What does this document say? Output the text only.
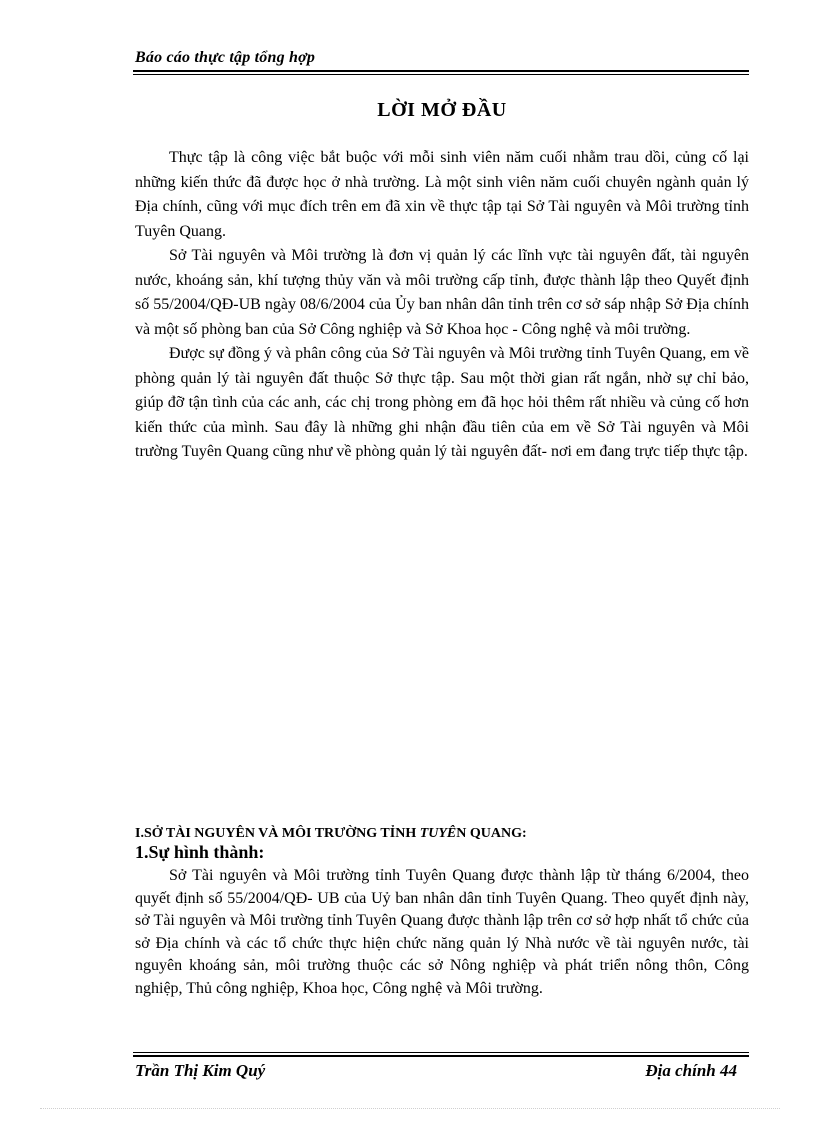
Báo cáo thực tập tổng hợp
LỜI MỞ ĐẦU

Thực tập là công việc bắt buộc với mỗi sinh viên năm cuối nhằm trau dồi, củng cố lại những kiến thức đã được học ở nhà trường. Là một sinh viên năm cuối chuyên ngành quản lý Địa chính, cũng với mục đích trên em đã xin về thực tập tại Sở Tài nguyên và Môi trường tỉnh Tuyên Quang.

Sở Tài nguyên và Môi trường là đơn vị quản lý các lĩnh vực tài nguyên đất, tài nguyên nước, khoáng sản, khí tượng thủy văn và môi trường cấp tỉnh, được thành lập theo Quyết định số 55/2004/QĐ-UB ngày 08/6/2004 của Ủy ban nhân dân tỉnh trên cơ sở sáp nhập Sở Địa chính và một số phòng ban của Sở Công nghiệp và Sở Khoa học - Công nghệ và môi trường.

Được sự đồng ý và phân công của Sở Tài nguyên và Môi trường tỉnh Tuyên Quang, em về phòng quản lý tài nguyên đất thuộc Sở thực tập. Sau một thời gian rất ngắn, nhờ sự chỉ bảo, giúp đỡ tận tình của các anh, các chị trong phòng em đã học hỏi thêm rất nhiều và củng cố hơn kiến thức của mình. Sau đây là những ghi nhận đầu tiên của em về Sở Tài nguyên và Môi trường Tuyên Quang cũng như về phòng quản lý tài nguyên đất- nơi em đang trực tiếp thực tập.

I.SỞ TÀI NGUYÊN VÀ MÔI TRƯỜNG TỈNH TUYÊN QUANG:
1.Sự hình thành:

Sở Tài nguyên và Môi trường tỉnh Tuyên Quang được thành lập từ tháng 6/2004, theo quyết định số 55/2004/QĐ- UB của Uỷ ban nhân dân tỉnh Tuyên Quang. Theo quyết định này, sở Tài nguyên và Môi trường tỉnh Tuyên Quang được thành lập trên cơ sở hợp nhất tổ chức của sở Địa chính và các tổ chức thực hiện chức năng quản lý Nhà nước về tài nguyên nước, tài nguyên khoáng sản, môi trường thuộc các sở Nông nghiệp và phát triển nông thôn, Công nghiệp, Thủ công nghiệp, Khoa học, Công nghệ và Môi trường.

Trần Thị Kim Quý	Địa chính 44
